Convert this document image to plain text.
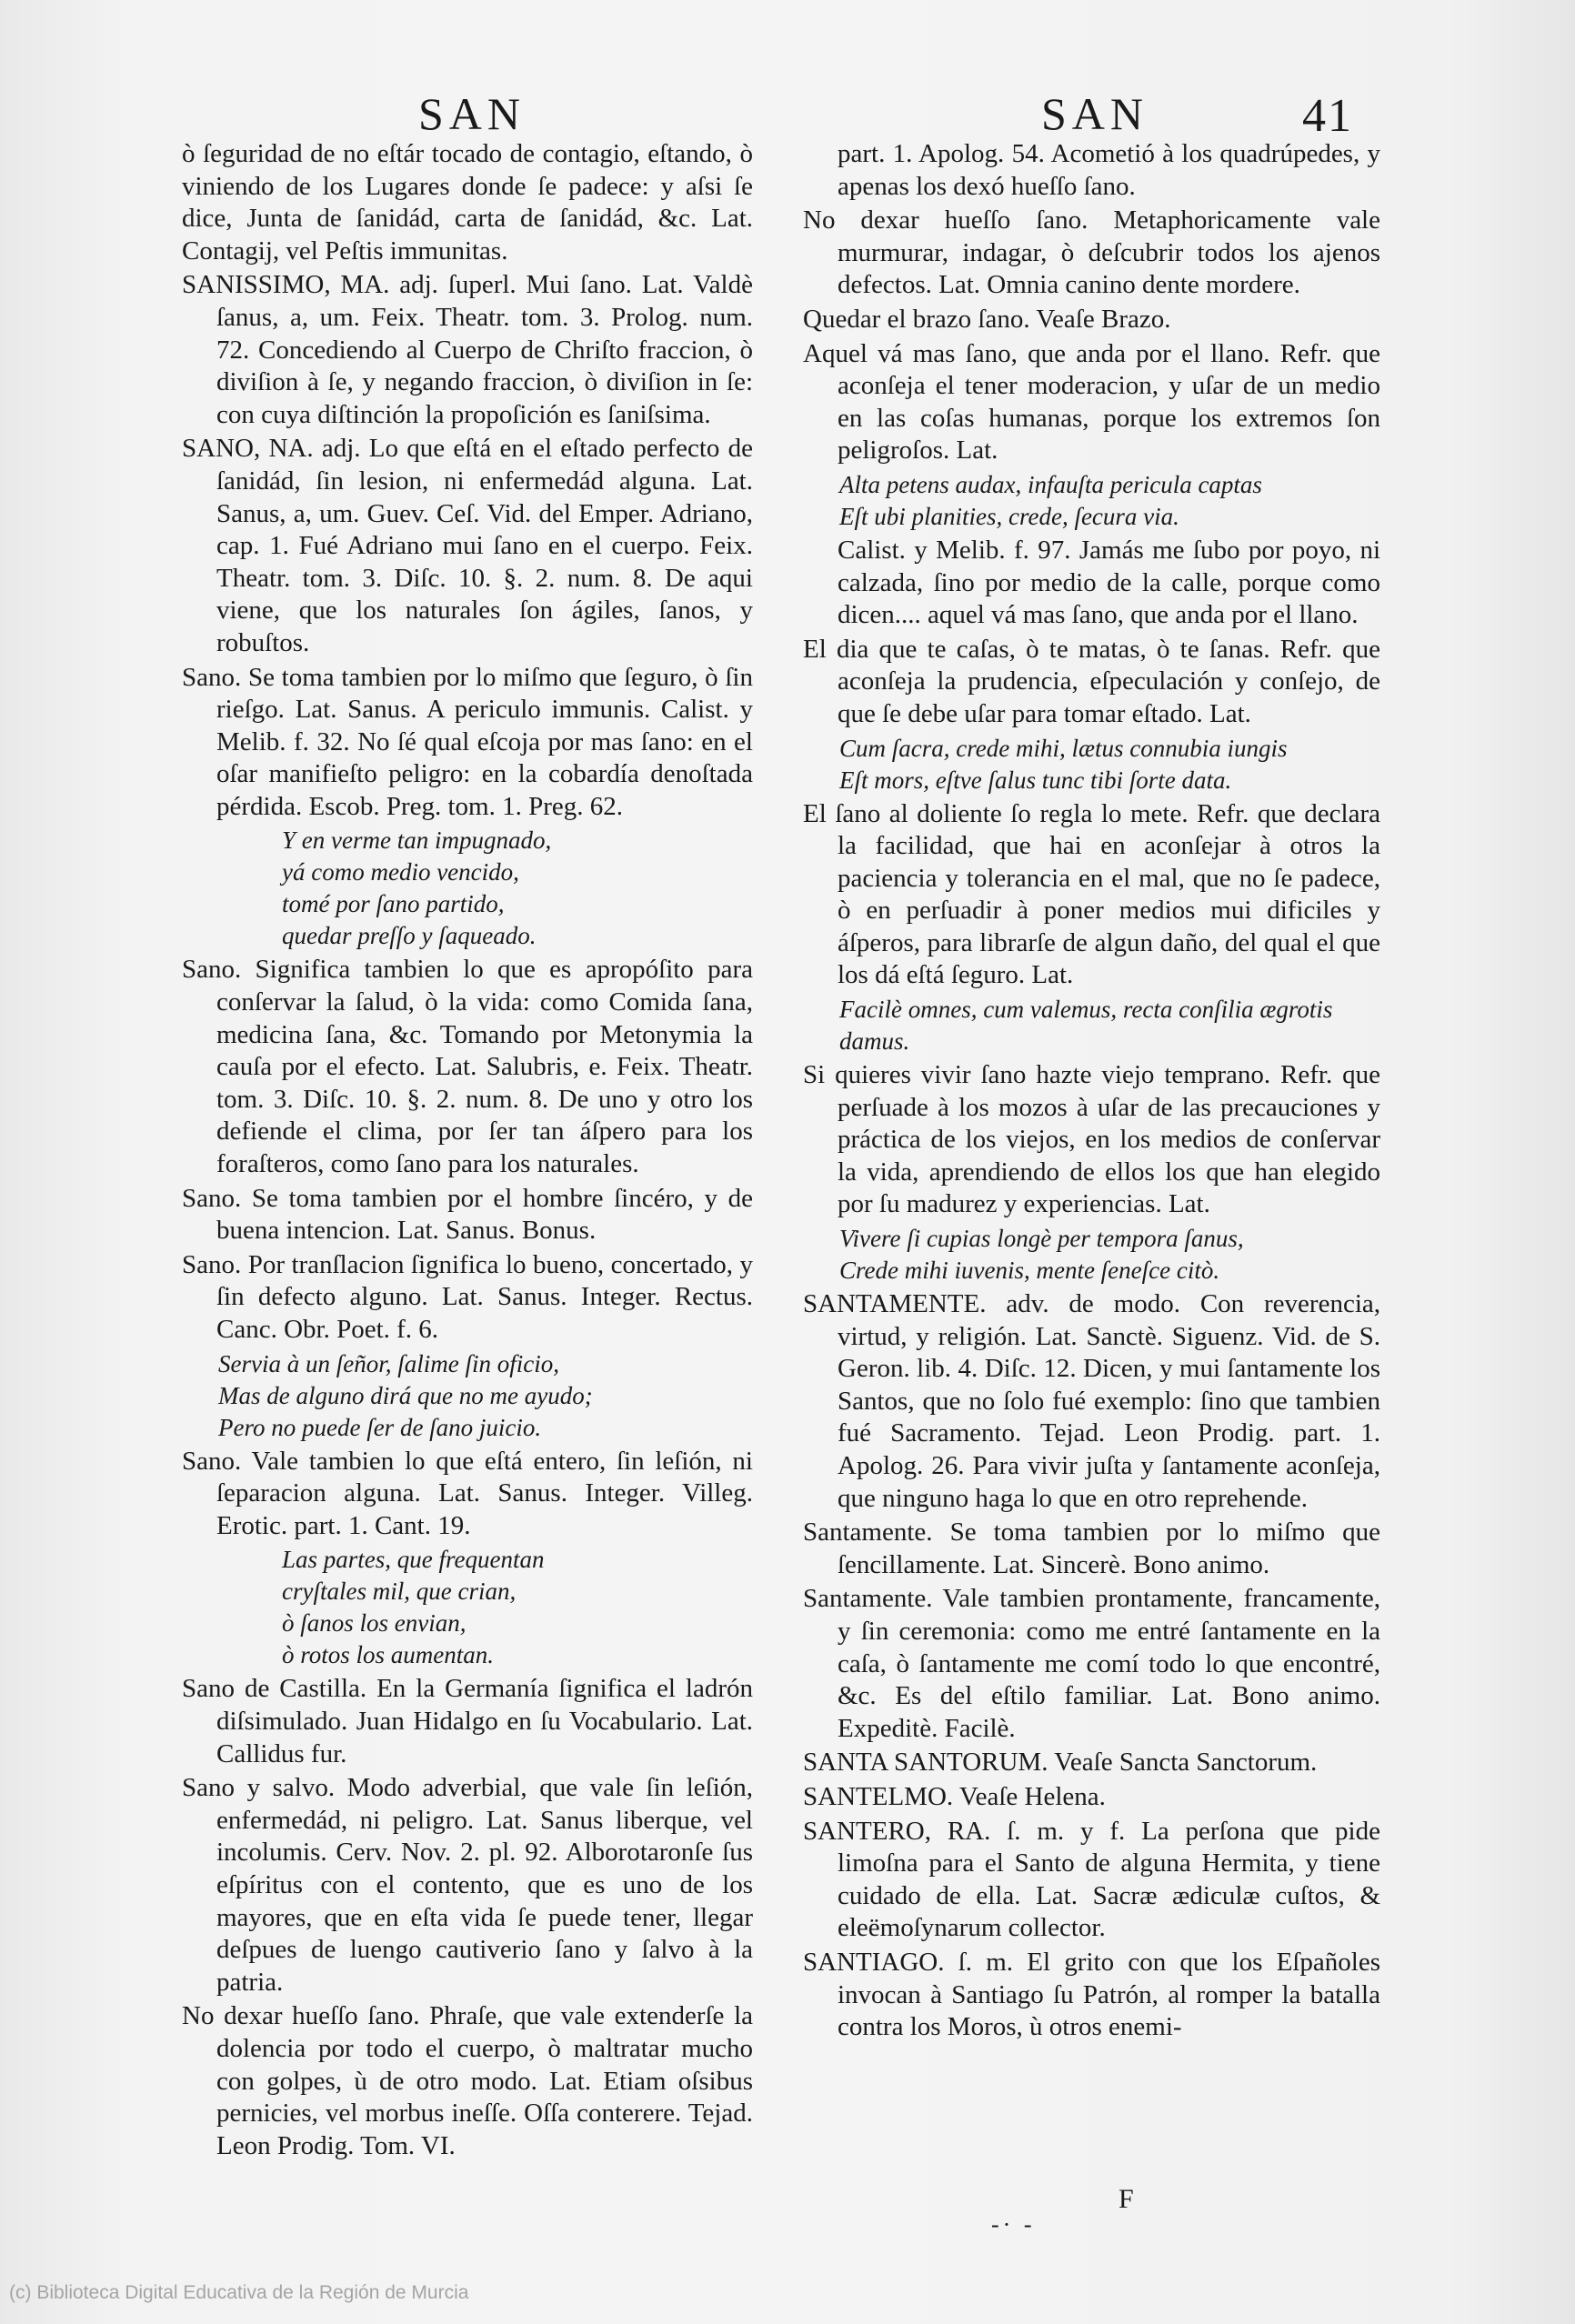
SAN	SAN	41
ò ſeguridad de no eſtár tocado de contagio, eſtando, ò viniendo de los Lugares donde ſe padece: y aſsi ſe dice, Junta de ſanidád, carta de ſanidád, &c. Lat. Contagij, vel Peſtis immunitas.
SANISSIMO, MA. adj. ſuperl. Mui ſano. Lat. Valdè ſanus, a, um. Feix. Theatr. tom. 3. Prolog. num. 72. Concediendo al Cuerpo de Chriſto fraccion, ò diviſion à ſe, y negando fraccion, ò diviſion in ſe: con cuya diſtinción la propoſición es ſaniſsima.
SANO, NA. adj. Lo que eſtá en el eſtado perfecto de ſanidád, ſin lesion, ni enfermedád alguna. Lat. Sanus, a, um. Guev. Ceſ. Vid. del Emper. Adriano, cap. 1. Fué Adriano mui ſano en el cuerpo. Feix. Theatr. tom. 3. Diſc. 10. §. 2. num. 8. De aqui viene, que los naturales ſon ágiles, ſanos, y robuſtos.
Sano. Se toma tambien por lo miſmo que ſeguro, ò ſin rieſgo. Lat. Sanus. A periculo immunis. Calist. y Melib. f. 32. No ſé qual eſcoja por mas ſano: en el oſar manifieſto peligro: en la cobardía denoſtada pérdida. Escob. Preg. tom. 1. Preg. 62.
Y en verme tan impugnado,
yá como medio vencido,
tomé por ſano partido,
quedar preſſo y ſaqueado.
Sano. Significa tambien lo que es apropóſito para conſervar la ſalud, ò la vida: como Comida ſana, medicina ſana, &c. Tomando por Metonymia la cauſa por el efecto. Lat. Salubris, e. Feix. Theatr. tom. 3. Diſc. 10. §. 2. num. 8. De uno y otro los defiende el clima, por ſer tan áſpero para los foraſteros, como ſano para los naturales.
Sano. Se toma tambien por el hombre ſincéro, y de buena intencion. Lat. Sanus. Bonus.
Sano. Por tranſlacion ſignifica lo bueno, concertado, y ſin defecto alguno. Lat. Sanus. Integer. Rectus. Canc. Obr. Poet. f. 6.
Servia à un ſeñor, ſalime ſin oficio,
Mas de alguno dirá que no me ayudo;
Pero no puede ſer de ſano juicio.
Sano. Vale tambien lo que eſtá entero, ſin leſión, ni ſeparacion alguna. Lat. Sanus. Integer. Villeg. Erotic. part. 1. Cant. 19.
Las partes, que frequentan
cryſtales mil, que crian,
ò ſanos los envian,
ò rotos los aumentan.
Sano de Castilla. En la Germanía ſignifica el ladrón diſsimulado. Juan Hidalgo en ſu Vocabulario. Lat. Callidus fur.
Sano y salvo. Modo adverbial, que vale ſin leſión, enfermedád, ni peligro. Lat. Sanus liberque, vel incolumis. Cerv. Nov. 2. pl. 92. Alborotaronſe ſus eſpíritus con el contento, que es uno de los mayores, que en eſta vida ſe puede tener, llegar deſpues de luengo cautiverio ſano y ſalvo à la patria.
No dexar hueſſo ſano. Phraſe, que vale extenderſe la dolencia por todo el cuerpo, ò maltratar mucho con golpes, ù de otro modo. Lat. Etiam oſsibus pernicies, vel morbus ineſſe. Oſſa conterere. Tejad. Leon Prodig. Tom. VI.
part. 1. Apolog. 54. Acometió à los quadrúpedes, y apenas los dexó hueſſo ſano.
No dexar hueſſo ſano. Metaphoricamente vale murmurar, indagar, ò deſcubrir todos los ajenos defectos. Lat. Omnia canino dente mordere.
Quedar el brazo ſano. Veaſe Brazo.
Aquel vá mas ſano, que anda por el llano. Refr. que aconſeja el tener moderacion, y uſar de un medio en las coſas humanas, porque los extremos ſon peligroſos. Lat.
Alta petens audax, infauſta pericula captas
Eſt ubi planities, crede, ſecura via.
Calist. y Melib. f. 97. Jamás me ſubo por poyo, ni calzada, ſino por medio de la calle, porque como dicen.... aquel vá mas ſano, que anda por el llano.
El dia que te caſas, ò te matas, ò te ſanas. Refr. que aconſeja la prudencia, eſpeculación y conſejo, de que ſe debe uſar para tomar eſtado. Lat.
Cum ſacra, crede mihi, lætus connubia iungis
Eſt mors, eſtve ſalus tunc tibi ſorte data.
El ſano al doliente ſo regla lo mete. Refr. que declara la facilidad, que hai en aconſejar à otros la paciencia y tolerancia en el mal, que no ſe padece, ò en perſuadir à poner medios mui dificiles y áſperos, para librarſe de algun daño, del qual el que los dá eſtá ſeguro. Lat.
Facilè omnes, cum valemus, recta conſilia ægrotis damus.
Si quieres vivir ſano hazte viejo temprano. Refr. que perſuade à los mozos à uſar de las precauciones y práctica de los viejos, en los medios de conſervar la vida, aprendiendo de ellos los que han elegido por ſu madurez y experiencias. Lat.
Vivere ſi cupias longè per tempora ſanus,
Crede mihi iuvenis, mente ſeneſce citò.
SANTAMENTE. adv. de modo. Con reverencia, virtud, y religión. Lat. Sanctè. Siguenz. Vid. de S. Geron. lib. 4. Diſc. 12. Dicen, y mui ſantamente los Santos, que no ſolo fué exemplo: ſino que tambien fué Sacramento. Tejad. Leon Prodig. part. 1. Apolog. 26. Para vivir juſta y ſantamente aconſeja, que ninguno haga lo que en otro reprehende.
Santamente. Se toma tambien por lo miſmo que ſencillamente. Lat. Sincerè. Bono animo.
Santamente. Vale tambien prontamente, francamente, y ſin ceremonia: como me entré ſantamente en la caſa, ò ſantamente me comí todo lo que encontré, &c. Es del eſtilo familiar. Lat. Bono animo. Expeditè. Facilè.
SANTA SANTORUM. Veaſe Sancta Sanctorum.
SANTELMO. Veaſe Helena.
SANTERO, RA. ſ. m. y f. La perſona que pide limoſna para el Santo de alguna Hermita, y tiene cuidado de ella. Lat. Sacræ ædiculæ cuſtos, & eleëmoſynarum collector.
SANTIAGO. ſ. m. El grito con que los Eſpañoles invocan à Santiago ſu Patrón, al romper la batalla contra los Moros, ù otros enemi-
F
-· -
(c) Biblioteca Digital Educativa de la Región de Murcia
